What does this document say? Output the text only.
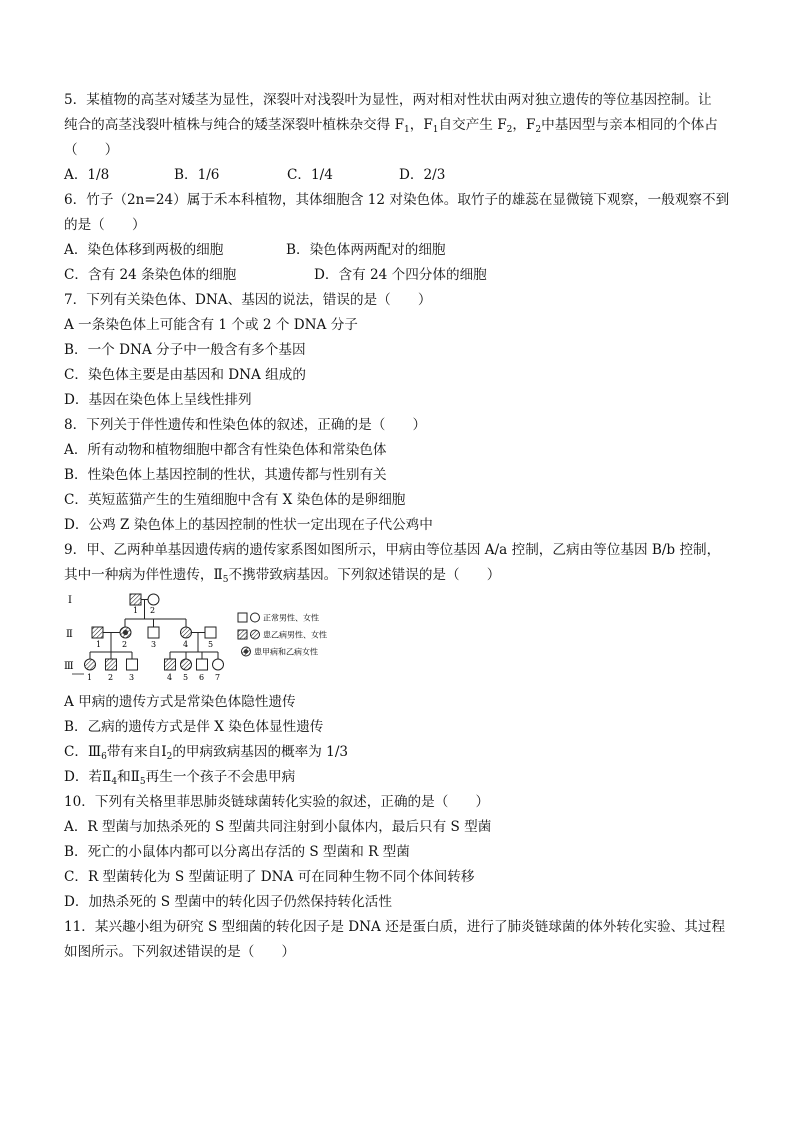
5．某植物的高茎对矮茎为显性，深裂叶对浅裂叶为显性，两对相对性状由两对独立遗传的等位基因控制。让
纯合的高茎浅裂叶植株与纯合的矮茎深裂叶植株杂交得 $F_1$，$F_1$自交产生 $F_2$，$F_2$中基因型与亲本相同的个体占
（　　）
A．1/8	B．1/6	C．1/4	D．2/3
6．竹子（2n=24）属于禾本科植物，其体细胞含 12 对染色体。取竹子的雄蕊在显微镜下观察，一般观察不到
的是（　　）
A．染色体移到两极的细胞	B．染色体两两配对的细胞
C．含有 24 条染色体的细胞	D．含有 24 个四分体的细胞
7．下列有关染色体、DNA、基因的说法，错误的是（　　）
A 一条染色体上可能含有 1 个或 2 个 DNA 分子
B．一个 DNA 分子中一般含有多个基因
C．染色体主要是由基因和 DNA 组成的
D．基因在染色体上呈线性排列
8．下列关于伴性遗传和性染色体的叙述，正确的是（　　）
A．所有动物和植物细胞中都含有性染色体和常染色体
B．性染色体上基因控制的性状，其遗传都与性别有关
C．英短蓝猫产生的生殖细胞中含有 X 染色体的是卵细胞
D．公鸡 Z 染色体上的基因控制的性状一定出现在子代公鸡中
9．甲、乙两种单基因遗传病的遗传家系图如图所示，甲病由等位基因 A/a 控制，乙病由等位基因 B/b 控制，
其中一种病为伴性遗传，$Ⅱ_5$不携带致病基因。下列叙述错误的是（　　）
Ⅰ
Ⅱ
Ⅲ
1 2
1	2	3	4 5
1 2 3	4 5 6 7
正常男性、女性
患乙病男性、女性
患甲病和乙病女性
A 甲病的遗传方式是常染色体隐性遗传
B．乙病的遗传方式是伴 X 染色体显性遗传
C．$Ⅲ_6$带有来自$Ⅰ_2$的甲病致病基因的概率为 1/3
D．若$Ⅱ_4$和$Ⅱ_5$再生一个孩子不会患甲病
10．下列有关格里菲思肺炎链球菌转化实验的叙述，正确的是（　　）
A．R 型菌与加热杀死的 S 型菌共同注射到小鼠体内，最后只有 S 型菌
B．死亡的小鼠体内都可以分离出存活的 S 型菌和 R 型菌
C．R 型菌转化为 S 型菌证明了 DNA 可在同种生物不同个体间转移
D．加热杀死的 S 型菌中的转化因子仍然保持转化活性
11．某兴趣小组为研究 S 型细菌的转化因子是 DNA 还是蛋白质，进行了肺炎链球菌的体外转化实验、其过程
如图所示。下列叙述错误的是（　　）
